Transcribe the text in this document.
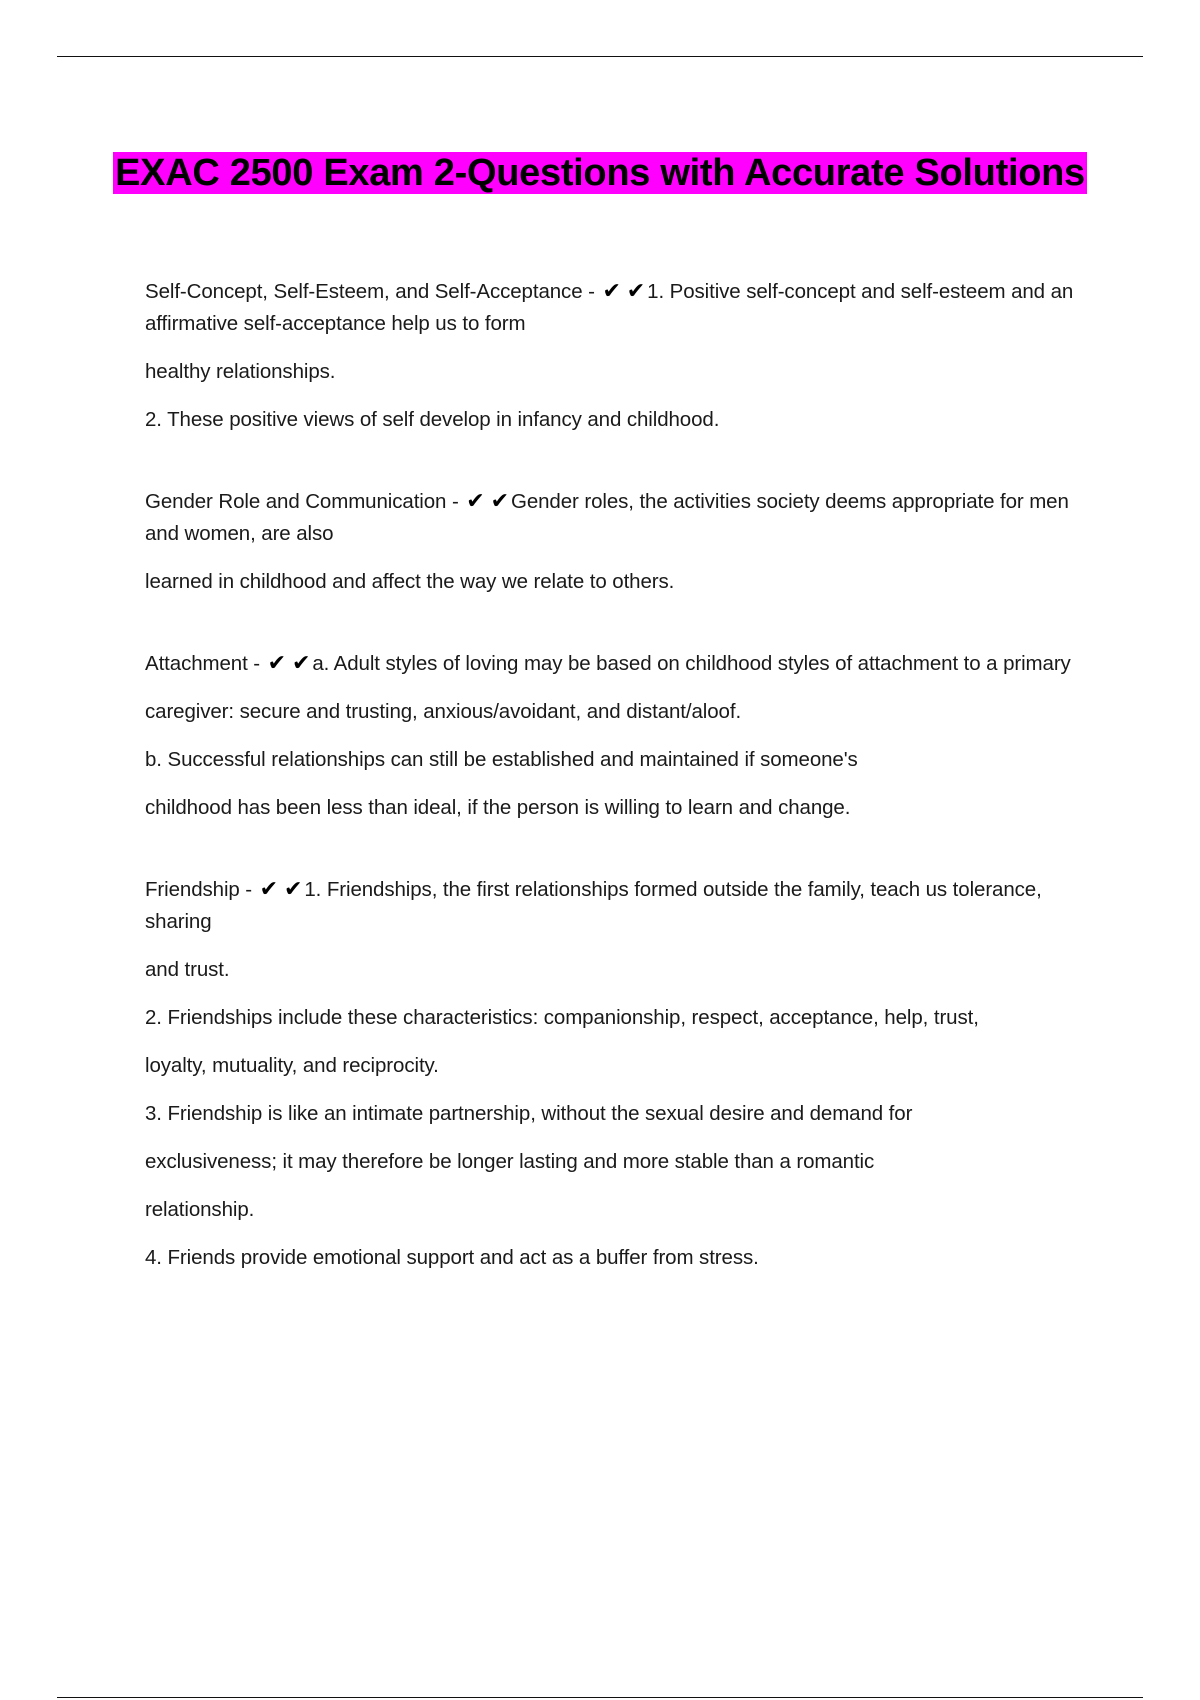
EXAC 2500 Exam 2-Questions with Accurate Solutions

Self-Concept, Self-Esteem, and Self-Acceptance - ✔ ✔1. Positive self-concept and self-esteem and an affirmative self-acceptance help us to form

healthy relationships.

2. These positive views of self develop in infancy and childhood.

Gender Role and Communication - ✔ ✔Gender roles, the activities society deems appropriate for men and women, are also

learned in childhood and affect the way we relate to others.

Attachment - ✔ ✔a. Adult styles of loving may be based on childhood styles of attachment to a primary

caregiver: secure and trusting, anxious/avoidant, and distant/aloof.

b. Successful relationships can still be established and maintained if someone's

childhood has been less than ideal, if the person is willing to learn and change.

Friendship - ✔ ✔1. Friendships, the first relationships formed outside the family, teach us tolerance, sharing

and trust.

2. Friendships include these characteristics: companionship, respect, acceptance, help, trust,

loyalty, mutuality, and reciprocity.

3. Friendship is like an intimate partnership, without the sexual desire and demand for

exclusiveness; it may therefore be longer lasting and more stable than a romantic

relationship.

4. Friends provide emotional support and act as a buffer from stress.
